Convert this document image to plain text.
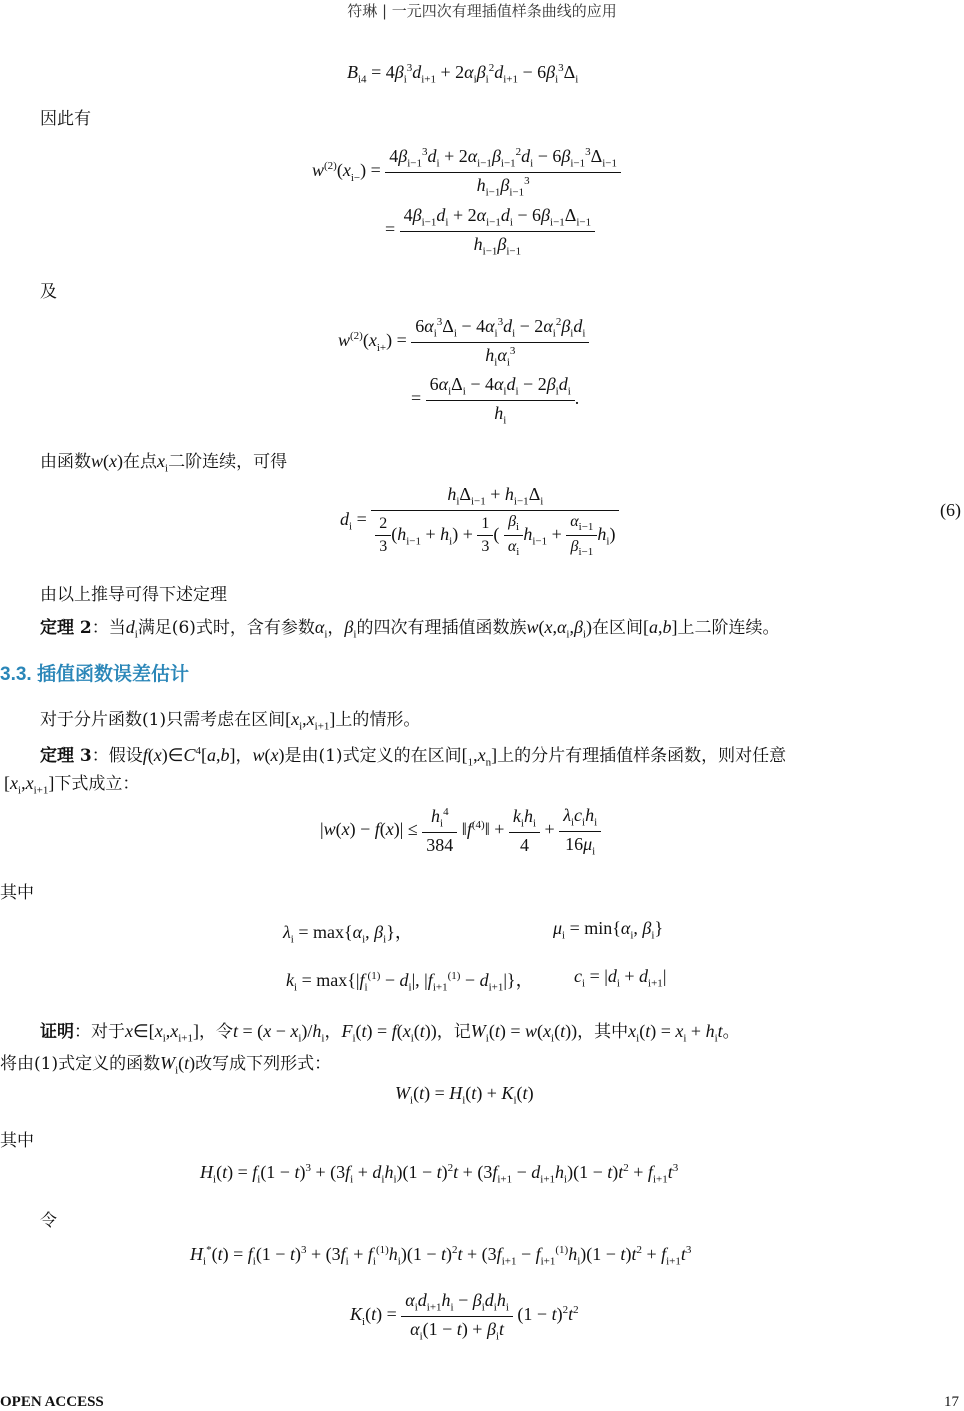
符琳 | 一元四次有理插值样条曲线的应用
$B_{i4} = 4\beta_i^3d_{i+1} + 2\alpha_i\beta_i^2d_{i+1} - 6\beta_i^3\Delta_i$
因此有
$w^{(2)}(x_{i-}) = \frac{4\beta_{i-1}^3d_i + 2\alpha_{i-1}\beta_{i-1}^2d_i - 6\beta_{i-1}^3\Delta_{i-1}}{h_{i-1}\beta_{i-1}^3}$
= $\frac{4\beta_{i-1}d_i + 2\alpha_{i-1}d_i - 6\beta_{i-1}\Delta_{i-1}}{h_{i-1}\beta_{i-1}}$
及
$w^{(2)}(x_{i+}) = \frac{6\alpha_i^3\Delta_i - 4\alpha_i^3d_i - 2\alpha_i^2\beta_id_i}{h_i\alpha_i^3}$
= $\frac{6\alpha_i\Delta_i - 4\alpha_id_i - 2\beta_id_i}{h_i}$ .
由函数w(x)在点$x_i$二阶连续，可得
$d_i = \frac{h_i\Delta_{i-1} + h_{i-1}\Delta_i}{\frac{2}{3} (h_{i-1} + h_i) + \frac{1}{3} ( \frac{\beta_i}{\alpha_i} h_{i-1} + \frac{\alpha_{i-1}}{\beta_{i-1}} h_i)}$	(6)
由以上推导可得下述定理
定理 2：当$d_i$满足(6)式时，含有参数$\alpha_i$，$\beta_i$的四次有理插值函数族$w(x,\alpha_i,\beta_i)$在区间[a,b]上二阶连续。
3.3. 插值函数误差估计
对于分片函数(1)只需考虑在区间$[x_i,x_{i+1}]$上的情形。
定理 3：假设$f(x)\in C^4[a,b]$，w(x)是由(1)式定义的在区间$[_1,x_n]$上的分片有理插值样条函数，则对任意
$[x_i,x_{i+1}]$下式成立：
$|w(x) - f(x)| \le \frac{h_i^4}{384}$ $‖f^{(4)}‖ + \frac{k_ih_i}{4} + \frac{\lambda_ic_ih_i}{16\mu_i}$
其中
$\lambda_i = \max\{\alpha_i$, $\beta_i$}，	$\mu_i = \min\{\alpha_i$, $\beta_i$}
$k_i = \max\{|f_i^{(1)} - d_i|$, $|f_{i+1}^{(1)} - d_{i+1}|$}， $c_i = |d_i + d_{i+1}|$
证明：对于$x\in[x_i,x_{i+1}]$，令$t = (x - x_i)/h_i$，$F_i(t) = f(x_i(t))$，记$W_i(t) = w(x_i(t))$，其中$x_i(t) = x_i + h_it$。
将由(1)式定义的函数$W_i(t)$改写成下列形式：
$W_i(t) = H_i(t) + K_i(t)$
其中
$H_i(t) = f_i(1 - t)^3 + (3f_i + d_ih_i)(1 - t)^2t + (3f_{i+1} - d_{i+1}h_i)(1 - t)t^2 + f_{i+1}t^3$
令
$H_i^*(t) = f_i(1 - t)^3 + (3f_i + f_i^{(1)}h_i)(1 - t)^2t + (3f_{i+1} - f_{i+1}^{(1)}h_i)(1 - t)t^2 + f_{i+1}t^3$
$K_i(t) = \frac{\alpha_id_{i+1}h_i - \beta_id_ih_i}{\alpha_i(1 - t) + \beta_it} (1 - t)^2t^2$
OPEN ACCESS	17
